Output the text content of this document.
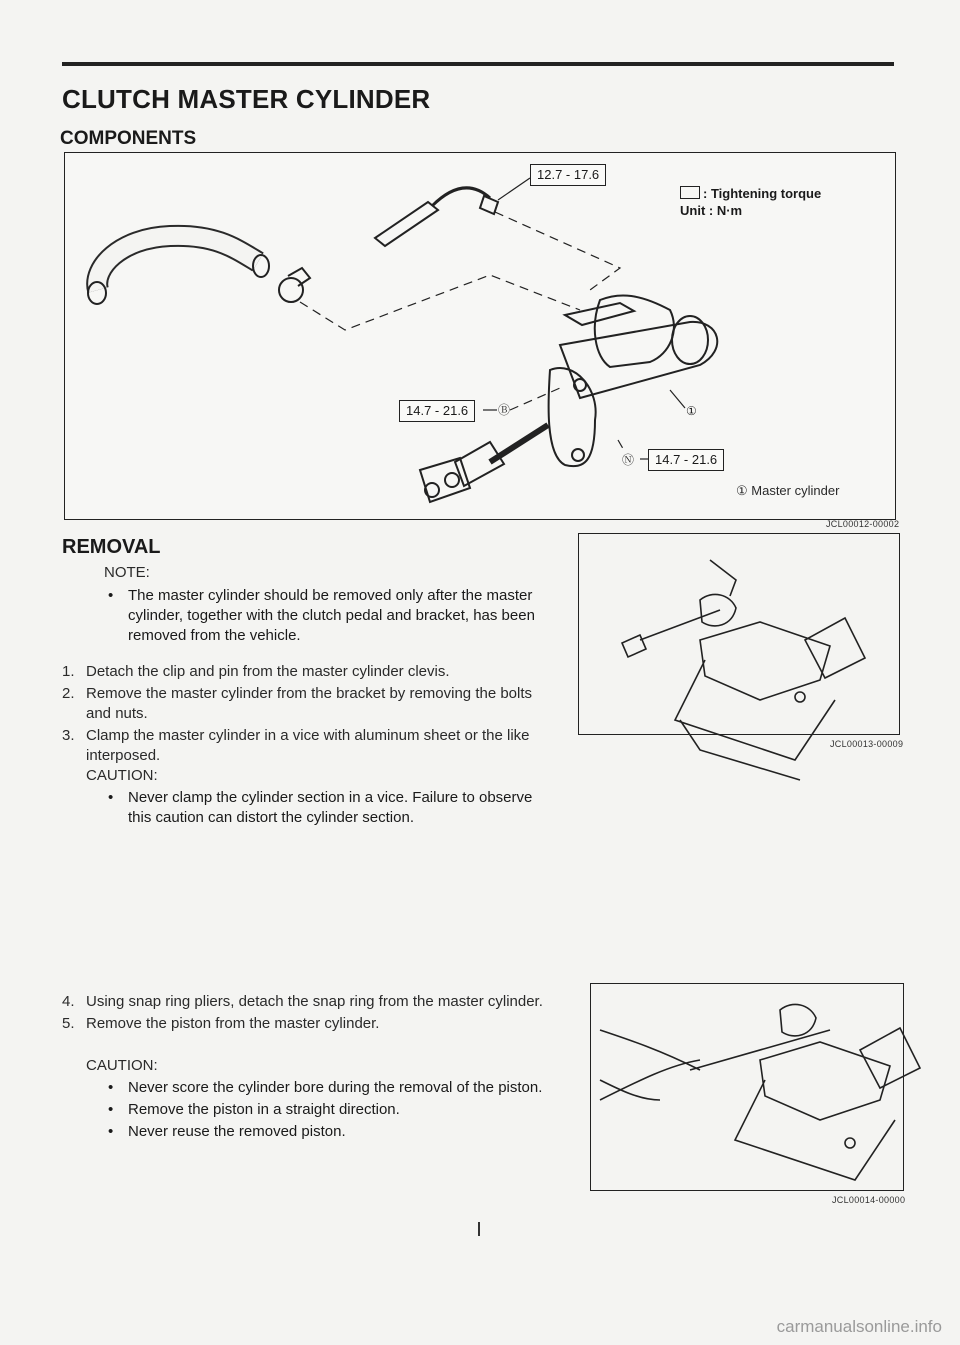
CLUTCH MASTER CYLINDER
COMPONENTS
12.7 - 17.6
14.7 - 21.6
14.7 - 21.6
Ⓑ	①
Ⓝ
: Tightening torque
Unit : N·m
① Master cylinder
JCL00012-00002
REMOVAL
NOTE:
• The master cylinder should be removed only after the master cylinder, together with the clutch pedal and bracket, has been removed from the vehicle.
1. Detach the clip and pin from the master cylinder clevis.
2. Remove the master cylinder from the bracket by removing the bolts and nuts.
3. Clamp the master cylinder in a vice with aluminum sheet or the like interposed.
CAUTION:
• Never clamp the cylinder section in a vice. Failure to observe this caution can distort the cylinder section.
JCL00013-00009
4. Using snap ring pliers, detach the snap ring from the master cylinder.
5. Remove the piston from the master cylinder.
CAUTION:
• Never score the cylinder bore during the removal of the piston.
• Remove the piston in a straight direction.
• Never reuse the removed piston.
JCL00014-00000
carmanualsonline.info
